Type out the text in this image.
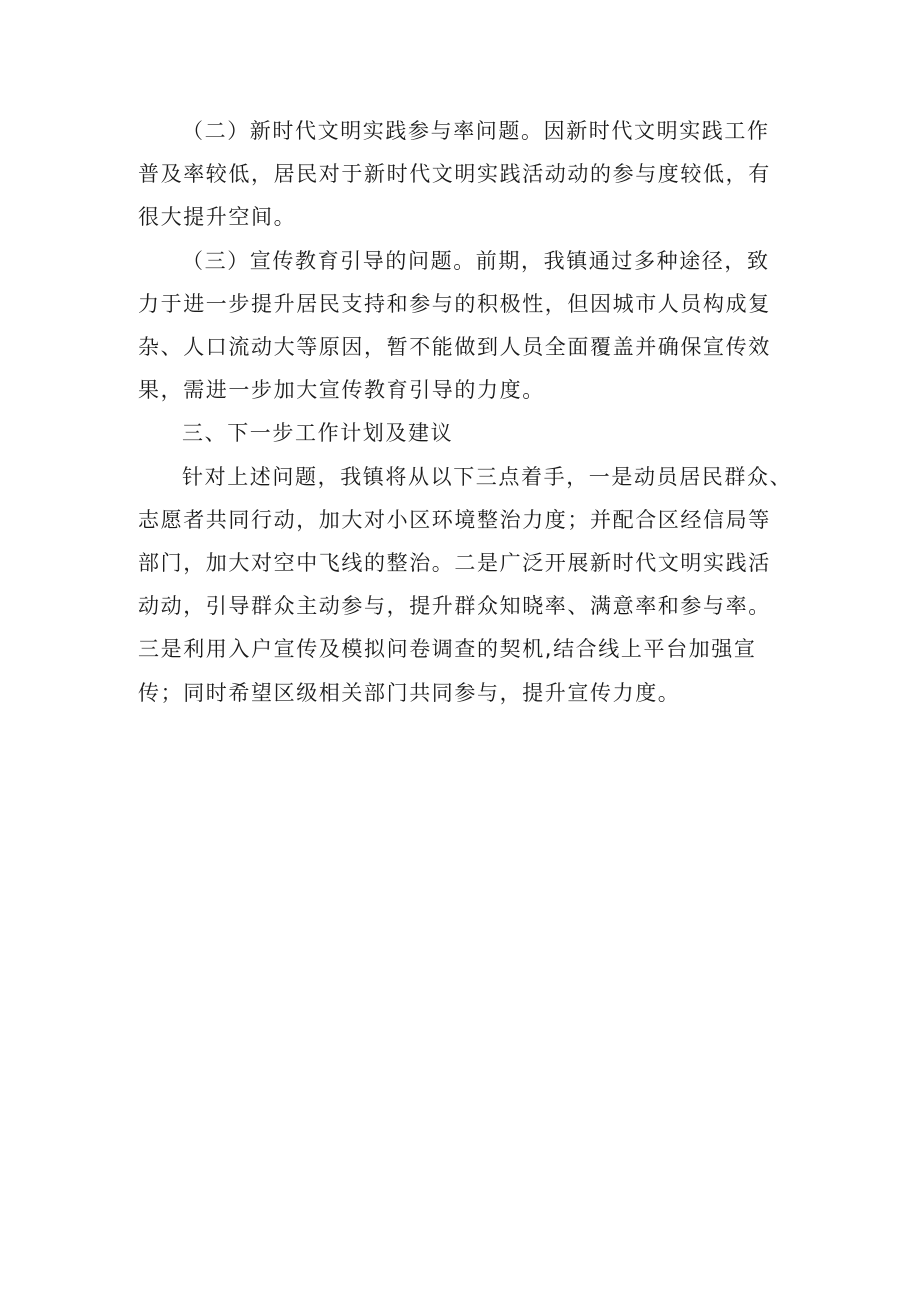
（二）新时代文明实践参与率问题。因新时代文明实践工作
普及率较低，居民对于新时代文明实践活动动的参与度较低，有
很大提升空间。
（三）宣传教育引导的问题。前期，我镇通过多种途径，致
力于进一步提升居民支持和参与的积极性，但因城市人员构成复
杂、人口流动大等原因，暂不能做到人员全面覆盖并确保宣传效
果，需进一步加大宣传教育引导的力度。
三、下一步工作计划及建议
针对上述问题，我镇将从以下三点着手，一是动员居民群众、
志愿者共同行动，加大对小区环境整治力度；并配合区经信局等
部门，加大对空中飞线的整治。二是广泛开展新时代文明实践活
动动，引导群众主动参与，提升群众知晓率、满意率和参与率。
三是利用入户宣传及模拟问卷调查的契机,结合线上平台加强宣
传；同时希望区级相关部门共同参与，提升宣传力度。
